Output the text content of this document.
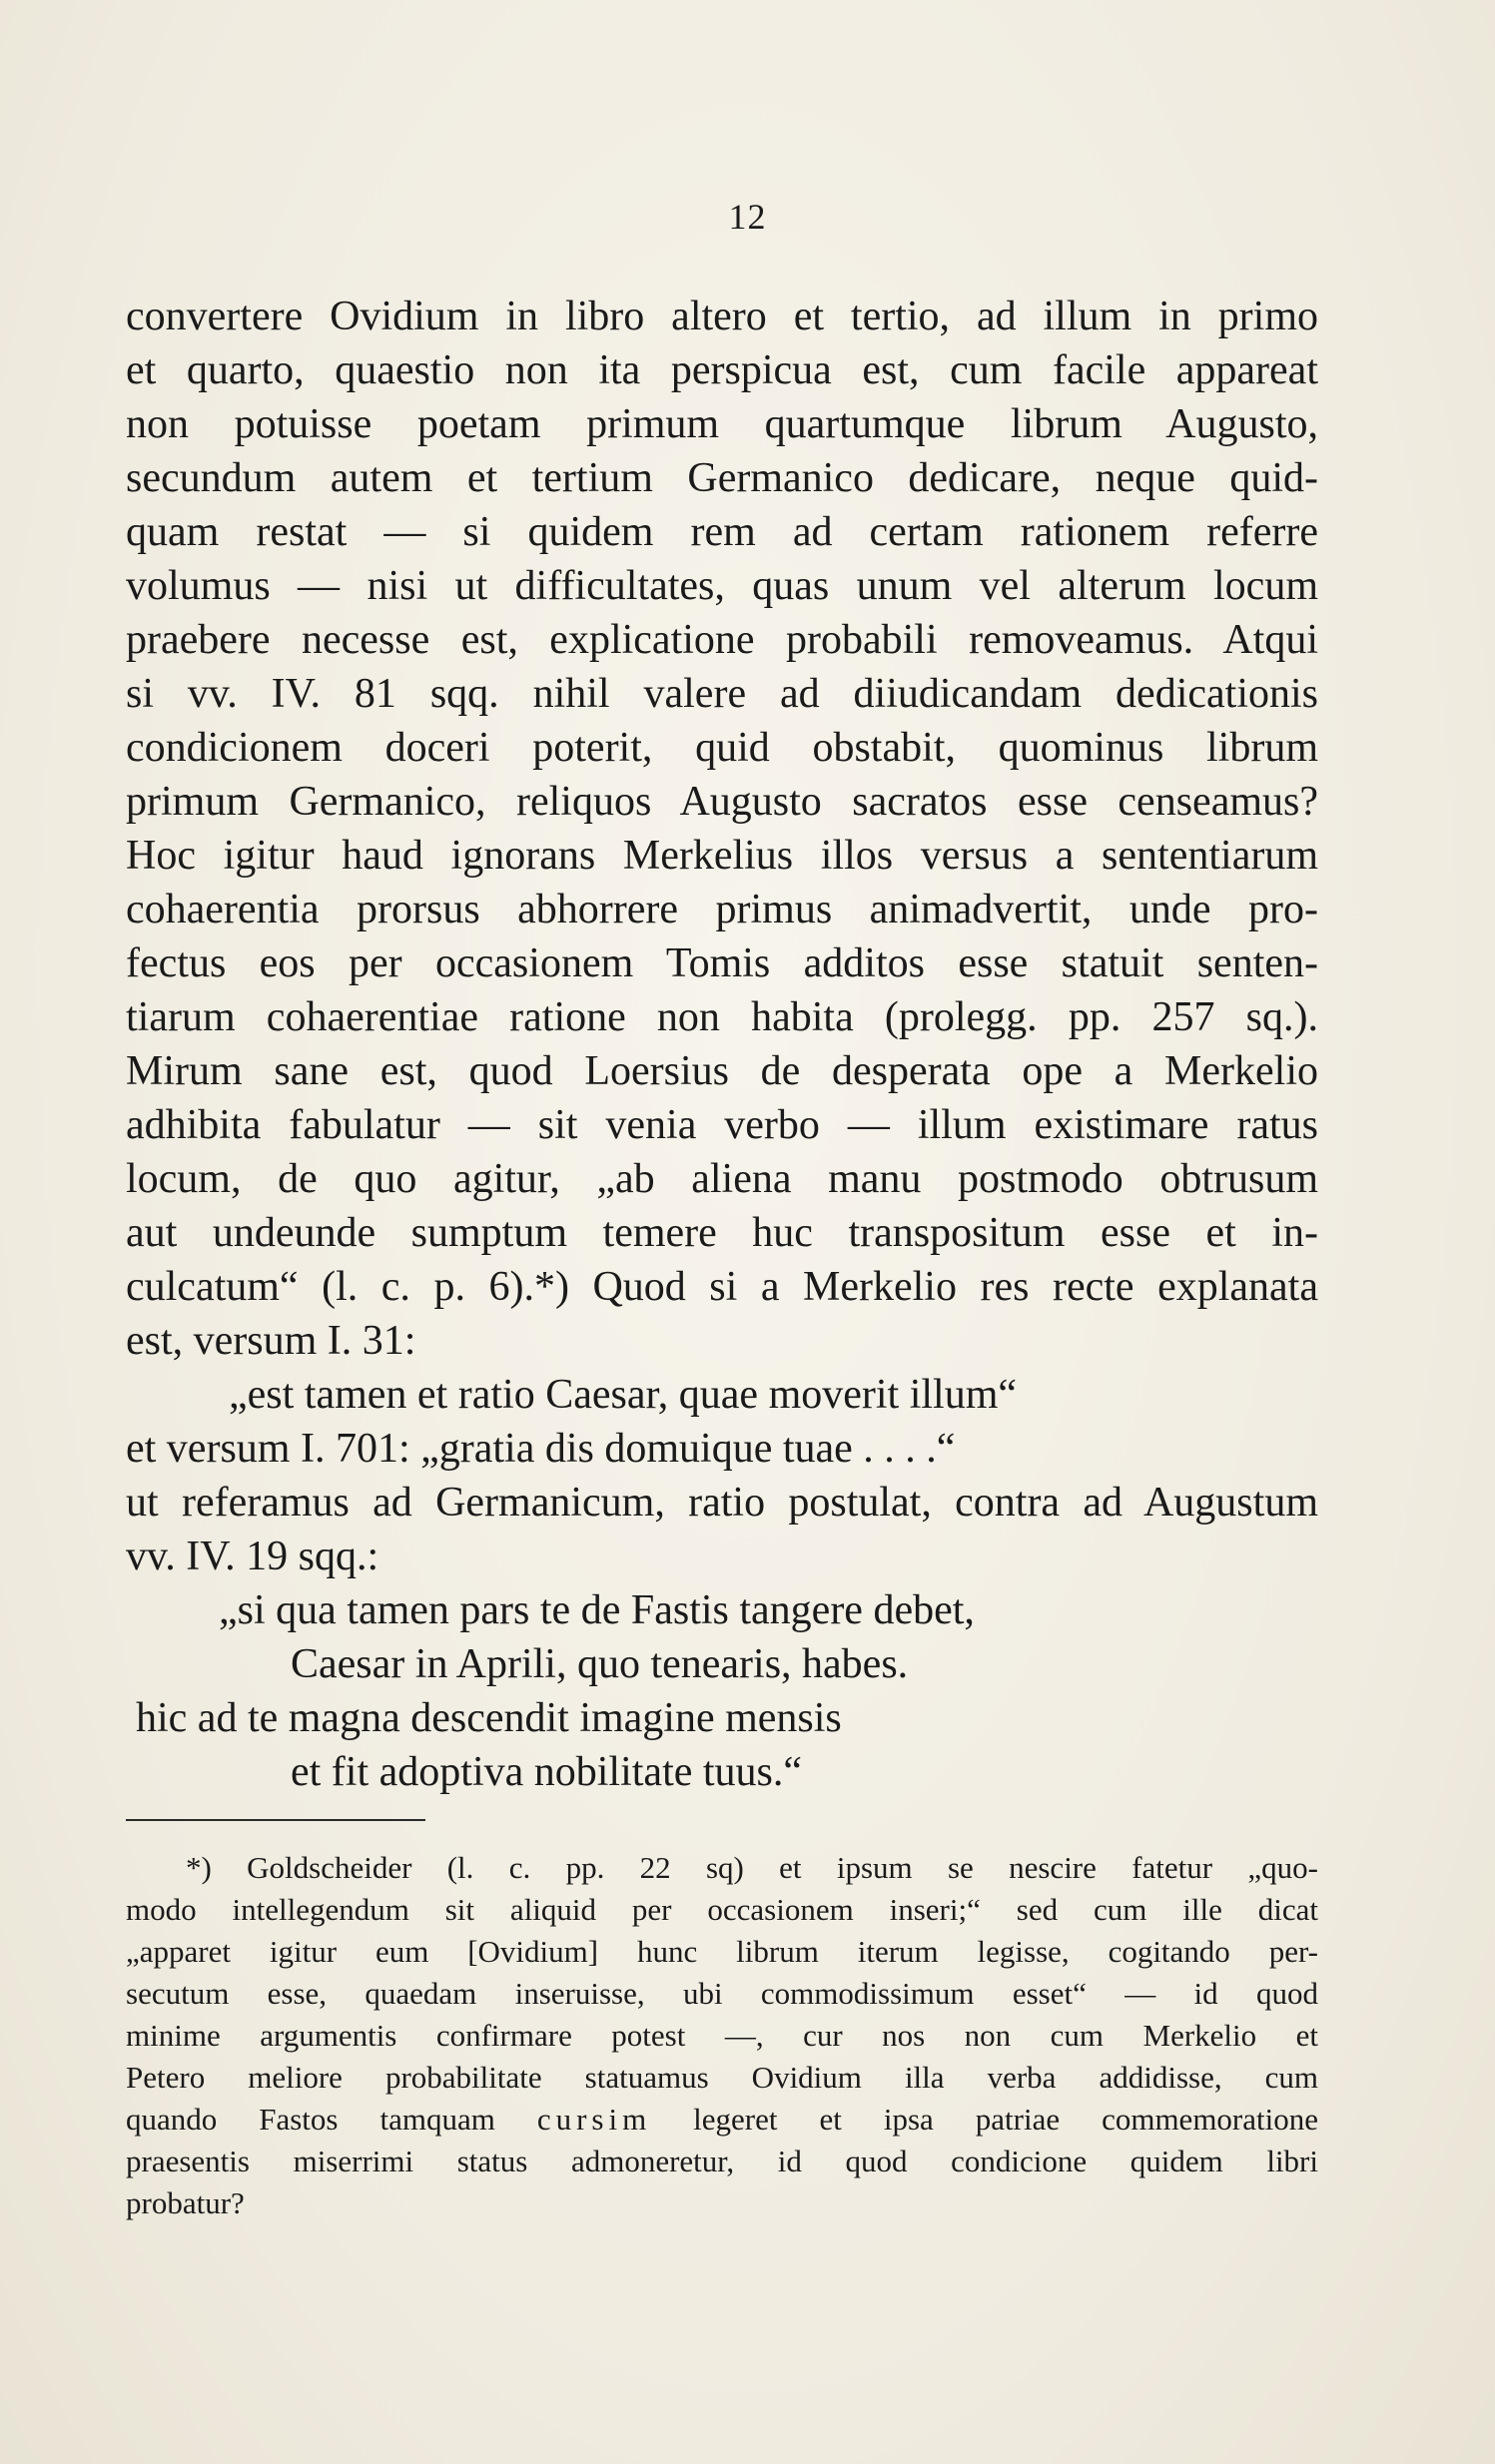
12
convertere Ovidium in libro altero et tertio, ad illum in primo
et quarto, quaestio non ita perspicua est, cum facile appareat
non potuisse poetam primum quartumque librum Augusto,
secundum autem et tertium Germanico dedicare, neque quid-
quam restat — si quidem rem ad certam rationem referre
volumus — nisi ut difficultates, quas unum vel alterum locum
praebere necesse est, explicatione probabili removeamus. Atqui
si vv. IV. 81 sqq. nihil valere ad diiudicandam dedicationis
condicionem doceri poterit, quid obstabit, quominus librum
primum Germanico, reliquos Augusto sacratos esse censeamus?
Hoc igitur haud ignorans Merkelius illos versus a sententiarum
cohaerentia prorsus abhorrere primus animadvertit, unde pro-
fectus eos per occasionem Tomis additos esse statuit senten-
tiarum cohaerentiae ratione non habita (prolegg. pp. 257 sq.).
Mirum sane est, quod Loersius de desperata ope a Merkelio
adhibita fabulatur — sit venia verbo — illum existimare ratus
locum, de quo agitur, „ab aliena manu postmodo obtrusum
aut undeunde sumptum temere huc transpositum esse et in-
culcatum“ (l. c. p. 6).*) Quod si a Merkelio res recte explanata
est, versum I. 31:
„est tamen et ratio Caesar, quae moverit illum“
et versum I. 701: „gratia dis domuique tuae . . . .“
ut referamus ad Germanicum, ratio postulat, contra ad Augustum
vv. IV. 19 sqq.:
„si qua tamen pars te de Fastis tangere debet,
Caesar in Aprili, quo tenearis, habes.
hic ad te magna descendit imagine mensis
et fit adoptiva nobilitate tuus.“
*) Goldscheider (l. c. pp. 22 sq) et ipsum se nescire fatetur „quo-
modo intellegendum sit aliquid per occasionem inseri;“ sed cum ille dicat
„apparet igitur eum [Ovidium] hunc librum iterum legisse, cogitando per-
secutum esse, quaedam inseruisse, ubi commodissimum esset“ — id quod
minime argumentis confirmare potest —, cur nos non cum Merkelio et
Petero meliore probabilitate statuamus Ovidium illa verba addidisse, cum
quando Fastos tamquam cursim legeret et ipsa patriae commemoratione
praesentis miserrimi status admoneretur, id quod condicione quidem libri
probatur?
